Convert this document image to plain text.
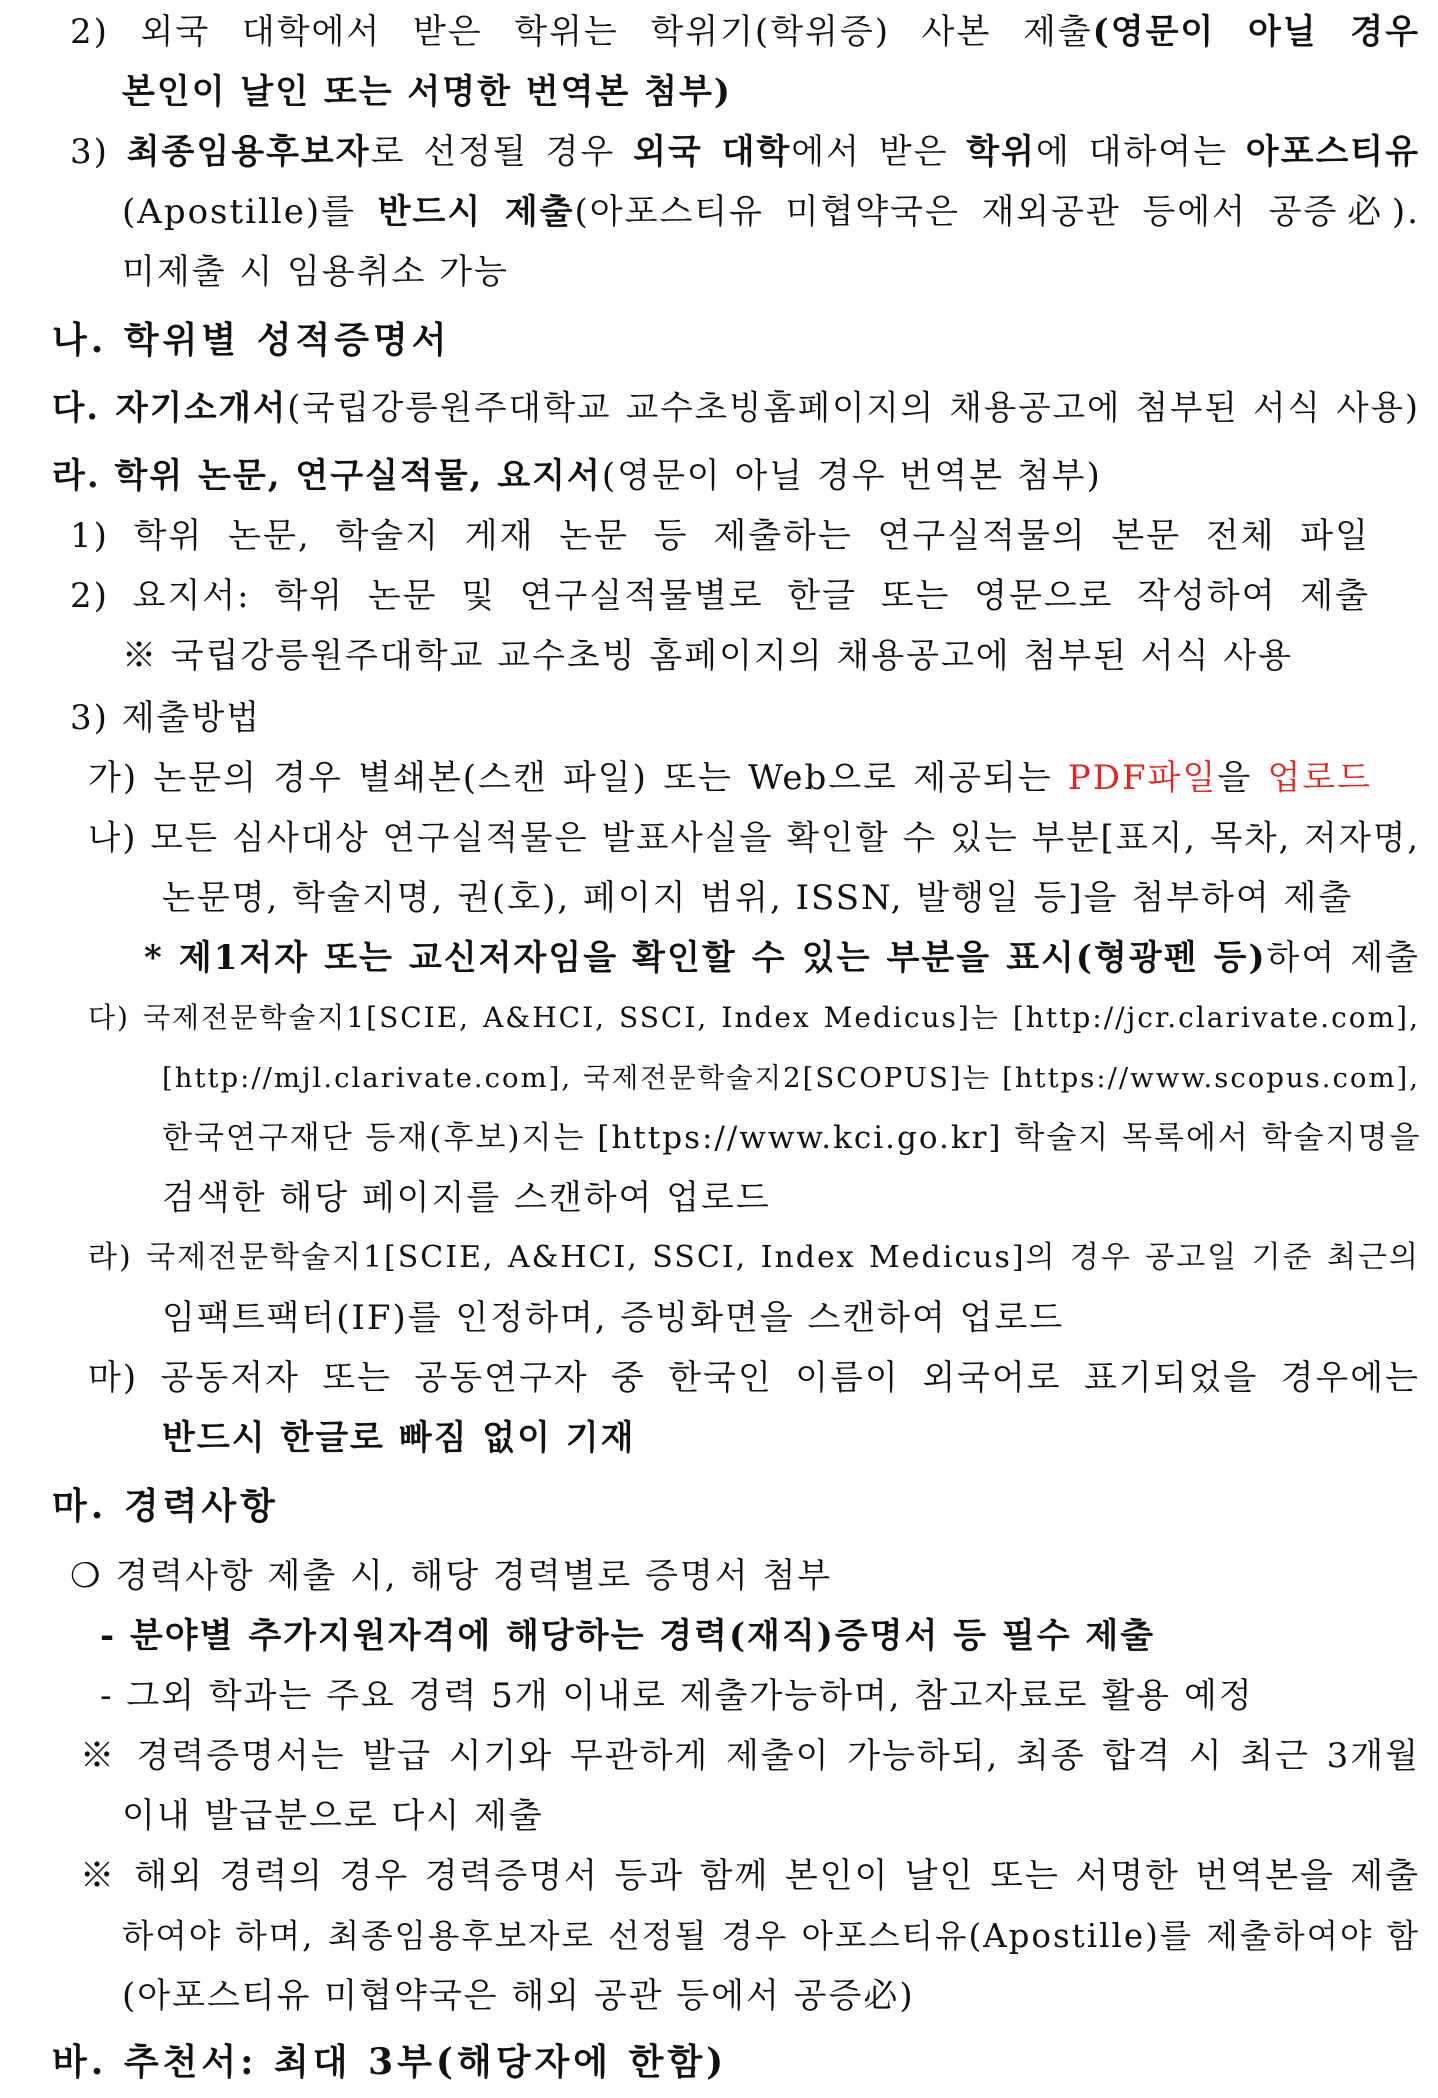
2) 외국 대학에서 받은 학위는 학위기(학위증) 사본 제출(영문이 아닐 경우
본인이 날인 또는 서명한 번역본 첨부)
3) 최종임용후보자로 선정될 경우 외국 대학에서 받은 학위에 대하여는 아포스티유
(Apostille)를 반드시 제출(아포스티유 미협약국은 재외공관 등에서 공증必).
미제출 시 임용취소 가능
나. 학위별 성적증명서
다. 자기소개서(국립강릉원주대학교 교수초빙홈페이지의 채용공고에 첨부된 서식 사용)
라. 학위 논문, 연구실적물, 요지서(영문이 아닐 경우 번역본 첨부)
1) 학위 논문, 학술지 게재 논문 등 제출하는 연구실적물의 본문 전체 파일
2) 요지서: 학위 논문 및 연구실적물별로 한글 또는 영문으로 작성하여 제출
※ 국립강릉원주대학교 교수초빙 홈페이지의 채용공고에 첨부된 서식 사용
3) 제출방법
가) 논문의 경우 별쇄본(스캔 파일) 또는 Web으로 제공되는 PDF파일을 업로드
나) 모든 심사대상 연구실적물은 발표사실을 확인할 수 있는 부분[표지, 목차, 저자명,
논문명, 학술지명, 권(호), 페이지 범위, ISSN, 발행일 등]을 첨부하여 제출
* 제1저자 또는 교신저자임을 확인할 수 있는 부분을 표시(형광펜 등)하여 제출
다) 국제전문학술지1[SCIE, A&HCI, SSCI, Index Medicus]는 [http://jcr.clarivate.com],
[http://mjl.clarivate.com], 국제전문학술지2[SCOPUS]는 [https://www.scopus.com],
한국연구재단 등재(후보)지는 [https://www.kci.go.kr] 학술지 목록에서 학술지명을
검색한 해당 페이지를 스캔하여 업로드
라) 국제전문학술지1[SCIE, A&HCI, SSCI, Index Medicus]의 경우 공고일 기준 최근의
임팩트팩터(IF)를 인정하며, 증빙화면을 스캔하여 업로드
마) 공동저자 또는 공동연구자 중 한국인 이름이 외국어로 표기되었을 경우에는
반드시 한글로 빠짐 없이 기재
마. 경력사항
❍ 경력사항 제출 시, 해당 경력별로 증명서 첨부
- 분야별 추가지원자격에 해당하는 경력(재직)증명서 등 필수 제출
- 그외 학과는 주요 경력 5개 이내로 제출가능하며, 참고자료로 활용 예정
※ 경력증명서는 발급 시기와 무관하게 제출이 가능하되, 최종 합격 시 최근 3개월
이내 발급분으로 다시 제출
※ 해외 경력의 경우 경력증명서 등과 함께 본인이 날인 또는 서명한 번역본을 제출
하여야 하며, 최종임용후보자로 선정될 경우 아포스티유(Apostille)를 제출하여야 함
(아포스티유 미협약국은 해외 공관 등에서 공증必)
바. 추천서: 최대 3부(해당자에 한함)
